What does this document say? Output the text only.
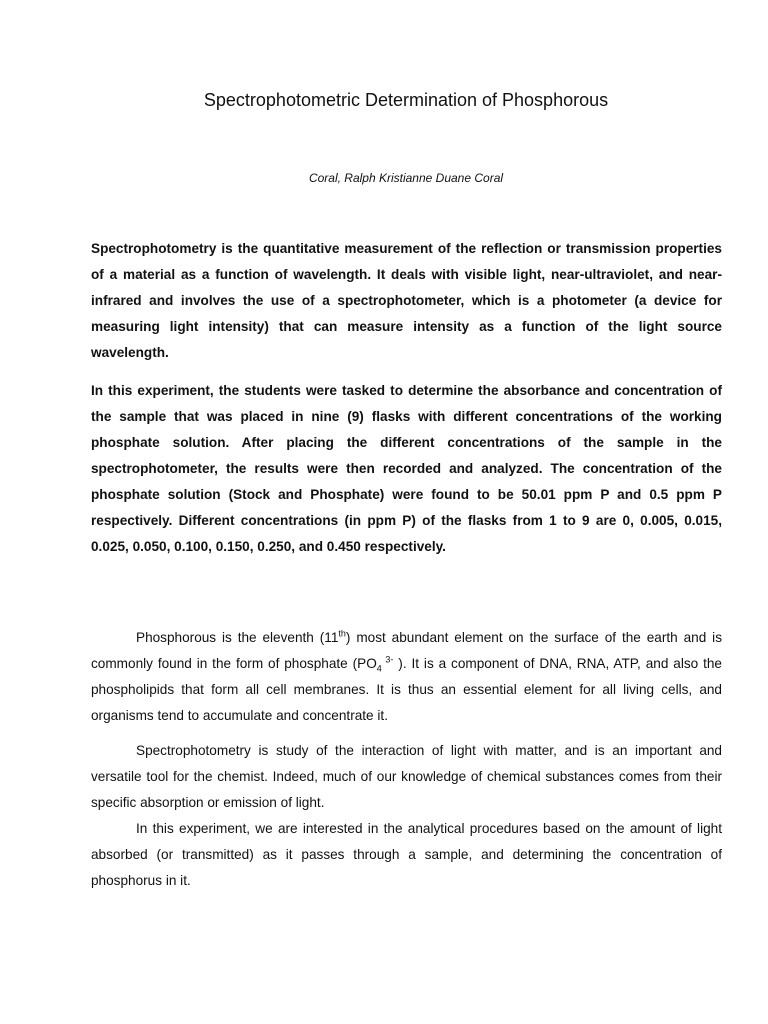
Spectrophotometric Determination of Phosphorous

Coral, Ralph Kristianne Duane Coral

Spectrophotometry is the quantitative measurement of the reflection or transmission properties of a material as a function of wavelength. It deals with visible light, near-ultraviolet, and near-infrared and involves the use of a spectrophotometer, which is a photometer (a device for measuring light intensity) that can measure intensity as a function of the light source wavelength.

In this experiment, the students were tasked to determine the absorbance and concentration of the sample that was placed in nine (9) flasks with different concentrations of the working phosphate solution. After placing the different concentrations of the sample in the spectrophotometer, the results were then recorded and analyzed. The concentration of the phosphate solution (Stock and Phosphate) were found to be 50.01 ppm P and 0.5 ppm P respectively. Different concentrations (in ppm P) of the flasks from 1 to 9 are 0, 0.005, 0.015, 0.025, 0.050, 0.100, 0.150, 0.250, and 0.450 respectively.

Phosphorous is the eleventh (11th) most abundant element on the surface of the earth and is commonly found in the form of phosphate ($PO_4$ $^{3-}$ ). It is a component of DNA, RNA, ATP, and also the phospholipids that form all cell membranes. It is thus an essential element for all living cells, and organisms tend to accumulate and concentrate it.

Spectrophotometry is study of the interaction of light with matter, and is an important and versatile tool for the chemist. Indeed, much of our knowledge of chemical substances comes from their specific absorption or emission of light.

In this experiment, we are interested in the analytical procedures based on the amount of light absorbed (or transmitted) as it passes through a sample, and determining the concentration of phosphorus in it.
